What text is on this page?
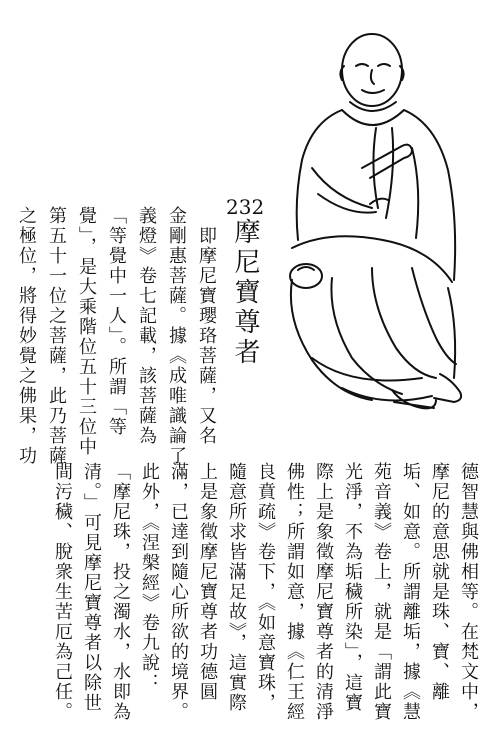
232
摩尼寶尊者
即摩尼寶瓔珞菩薩，又名
金剛惠菩薩。據《成唯識論了
義燈》卷七記載，該菩薩為
「等覺中一人」。所謂「等
覺」，是大乘階位五十三位中
第五十一位之菩薩，此乃菩薩
之極位，將得妙覺之佛果，功
德智慧與佛相等。在梵文中，
摩尼的意思就是珠、寶、離
垢、如意。所謂離垢，據《慧
苑音義》卷上，就是「謂此寶
光淨，不為垢穢所染」，這寶
際上是象徵摩尼寶尊者的清淨
佛性；所謂如意，據《仁王經
良賁疏》卷下，《如意寶珠，
隨意所求皆滿足故》，這實際
上是象徵摩尼寶尊者功德圓
滿，已達到隨心所欲的境界。
此外，《涅槃經》卷九說：
「摩尼珠，投之濁水，水即為
清。」可見摩尼寶尊者以除世
間污穢、脫衆生苦厄為己任。
